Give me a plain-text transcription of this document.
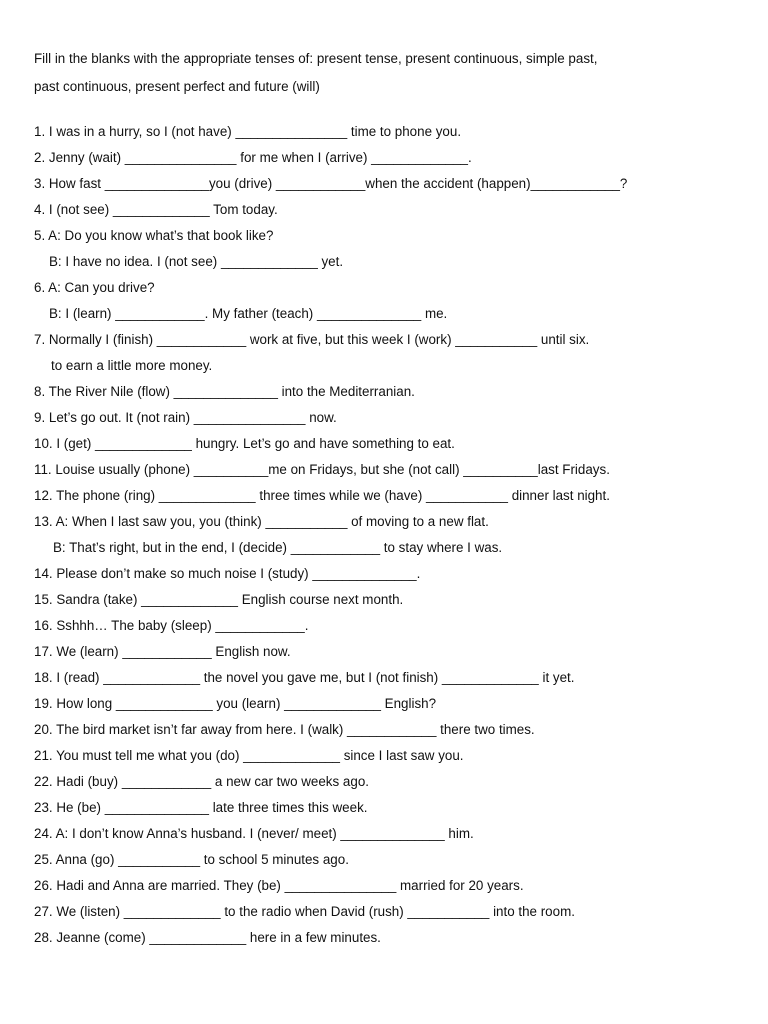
Fill in the blanks with the appropriate tenses of: present tense, present continuous, simple past,
past continuous, present perfect and future (will)
1. I was in a hurry, so I (not have) _______________ time to phone you.
2. Jenny (wait) _______________ for me when I (arrive) _____________.
3. How fast ______________you (drive) ____________when the accident (happen)____________?
4. I (not see) _____________ Tom today.
5. A: Do you know what’s that book like?
B: I have no idea. I (not see) _____________ yet.
6. A: Can you drive?
B: I (learn) ____________. My father (teach) ______________ me.
7. Normally I (finish) ____________ work at five, but this week I (work) ___________ until six.
to earn a little more money.
8. The River Nile (flow) ______________ into the Mediterranian.
9. Let’s go out. It (not rain) _______________ now.
10. I (get) _____________ hungry. Let’s go and have something to eat.
11. Louise usually (phone) __________me on Fridays, but she (not call) __________last Fridays.
12. The phone (ring) _____________ three times while we (have) ___________ dinner last night.
13. A: When I last saw you, you (think) ___________ of moving to a new flat.
B: That’s right, but in the end, I (decide) ____________ to stay where I was.
14. Please don’t make so much noise I (study) ______________.
15. Sandra (take) _____________ English course next month.
16. Sshhh… The baby (sleep) ____________.
17. We (learn) ____________ English now.
18. I (read) _____________ the novel you gave me, but I (not finish) _____________ it yet.
19. How long _____________ you (learn) _____________ English?
20. The bird market isn’t far away from here. I (walk) ____________ there two times.
21. You must tell me what you (do) _____________ since I last saw you.
22. Hadi (buy) ____________ a new car two weeks ago.
23. He (be) ______________ late three times this week.
24. A: I don’t know Anna’s husband. I (never/ meet) ______________ him.
25. Anna (go) ___________ to school 5 minutes ago.
26. Hadi and Anna are married. They (be) _______________ married for 20 years.
27. We (listen) _____________ to the radio when David (rush) ___________ into the room.
28. Jeanne (come) _____________ here in a few minutes.
